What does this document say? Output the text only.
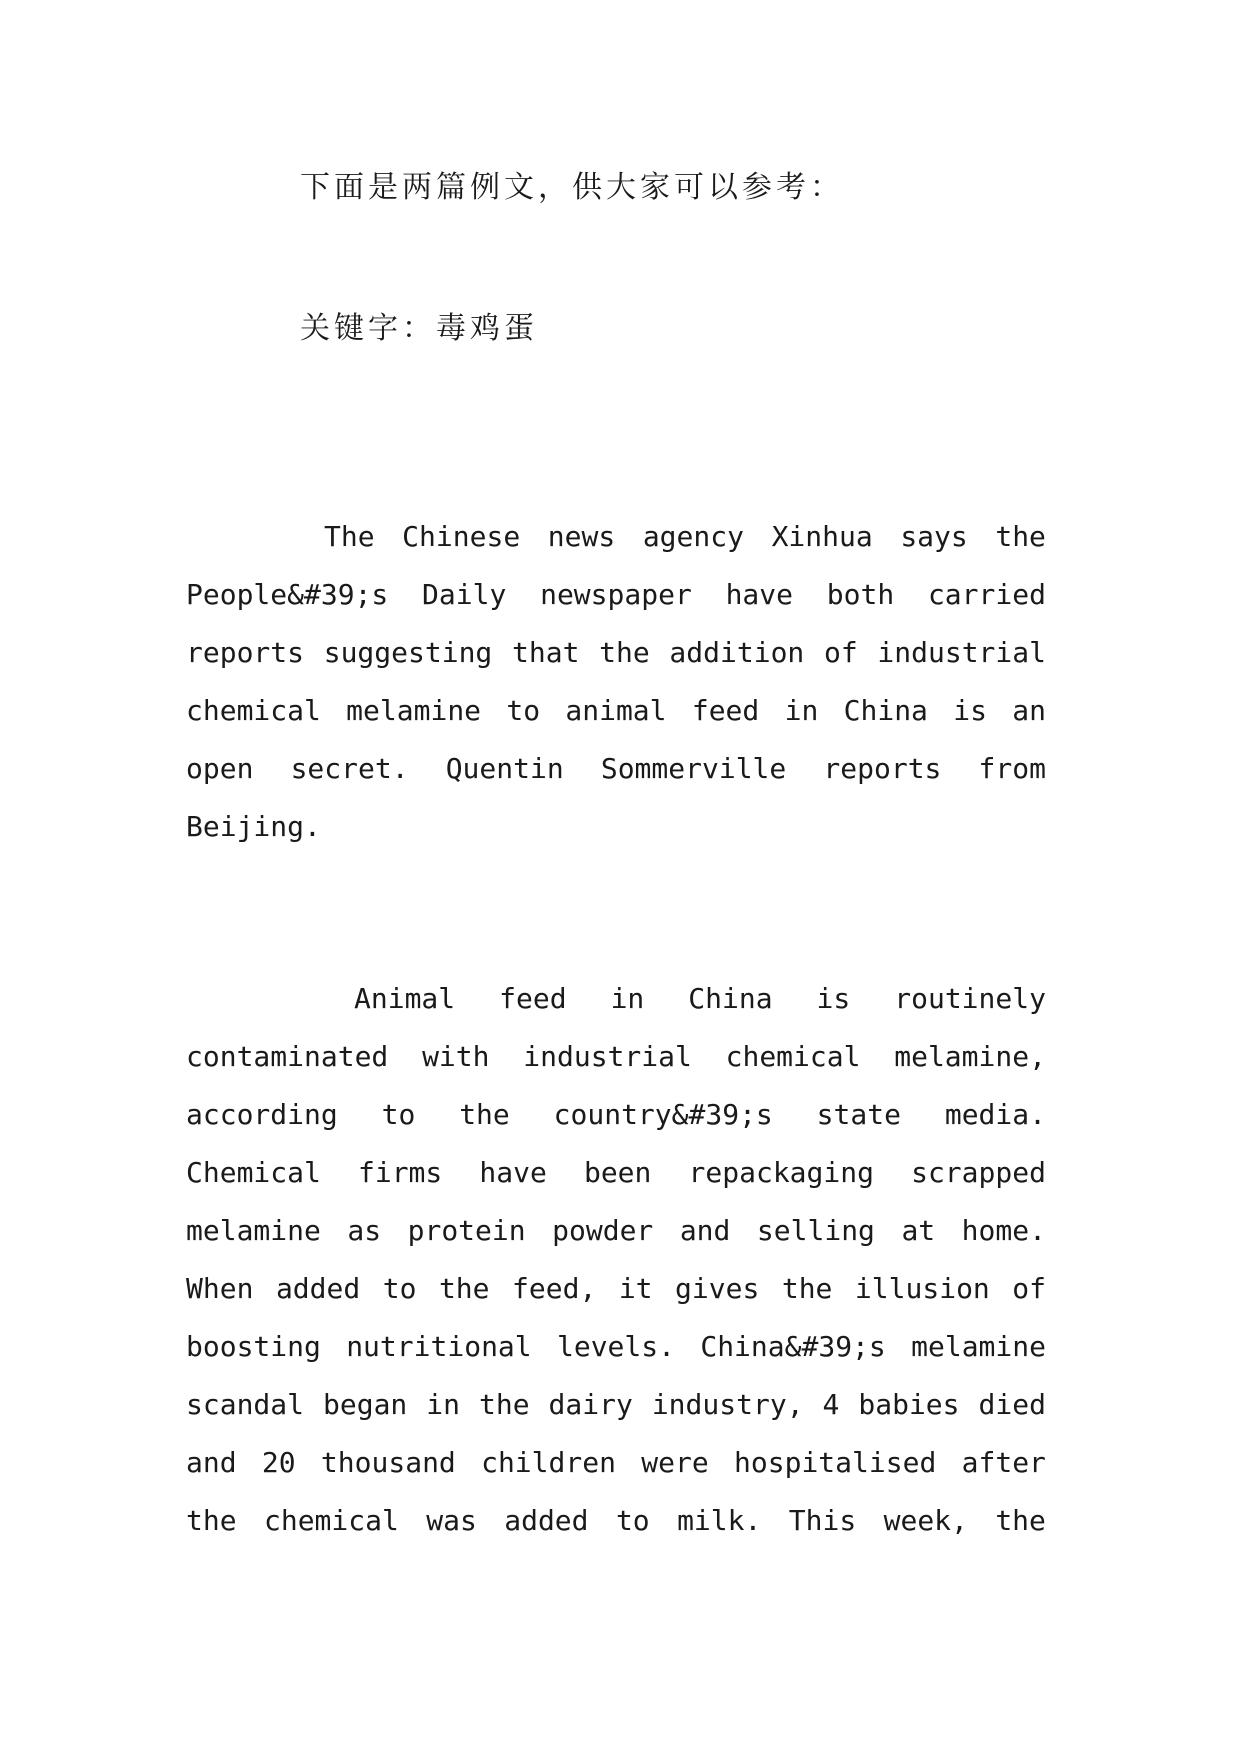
下面是两篇例文，供大家可以参考：
关键字：毒鸡蛋
The Chinese news agency Xinhua says the
People&#39;s Daily newspaper have both carried
reports suggesting that the addition of industrial
chemical melamine to animal feed in China is an
open secret. Quentin Sommerville reports from
Beijing.
Animal feed in China is routinely
contaminated with industrial chemical melamine,
according to the country&#39;s state media.
Chemical firms have been repackaging scrapped
melamine as protein powder and selling at home.
When added to the feed, it gives the illusion of
boosting nutritional levels. China&#39;s melamine
scandal began in the dairy industry, 4 babies died
and 20 thousand children were hospitalised after
the chemical was added to milk. This week, the
